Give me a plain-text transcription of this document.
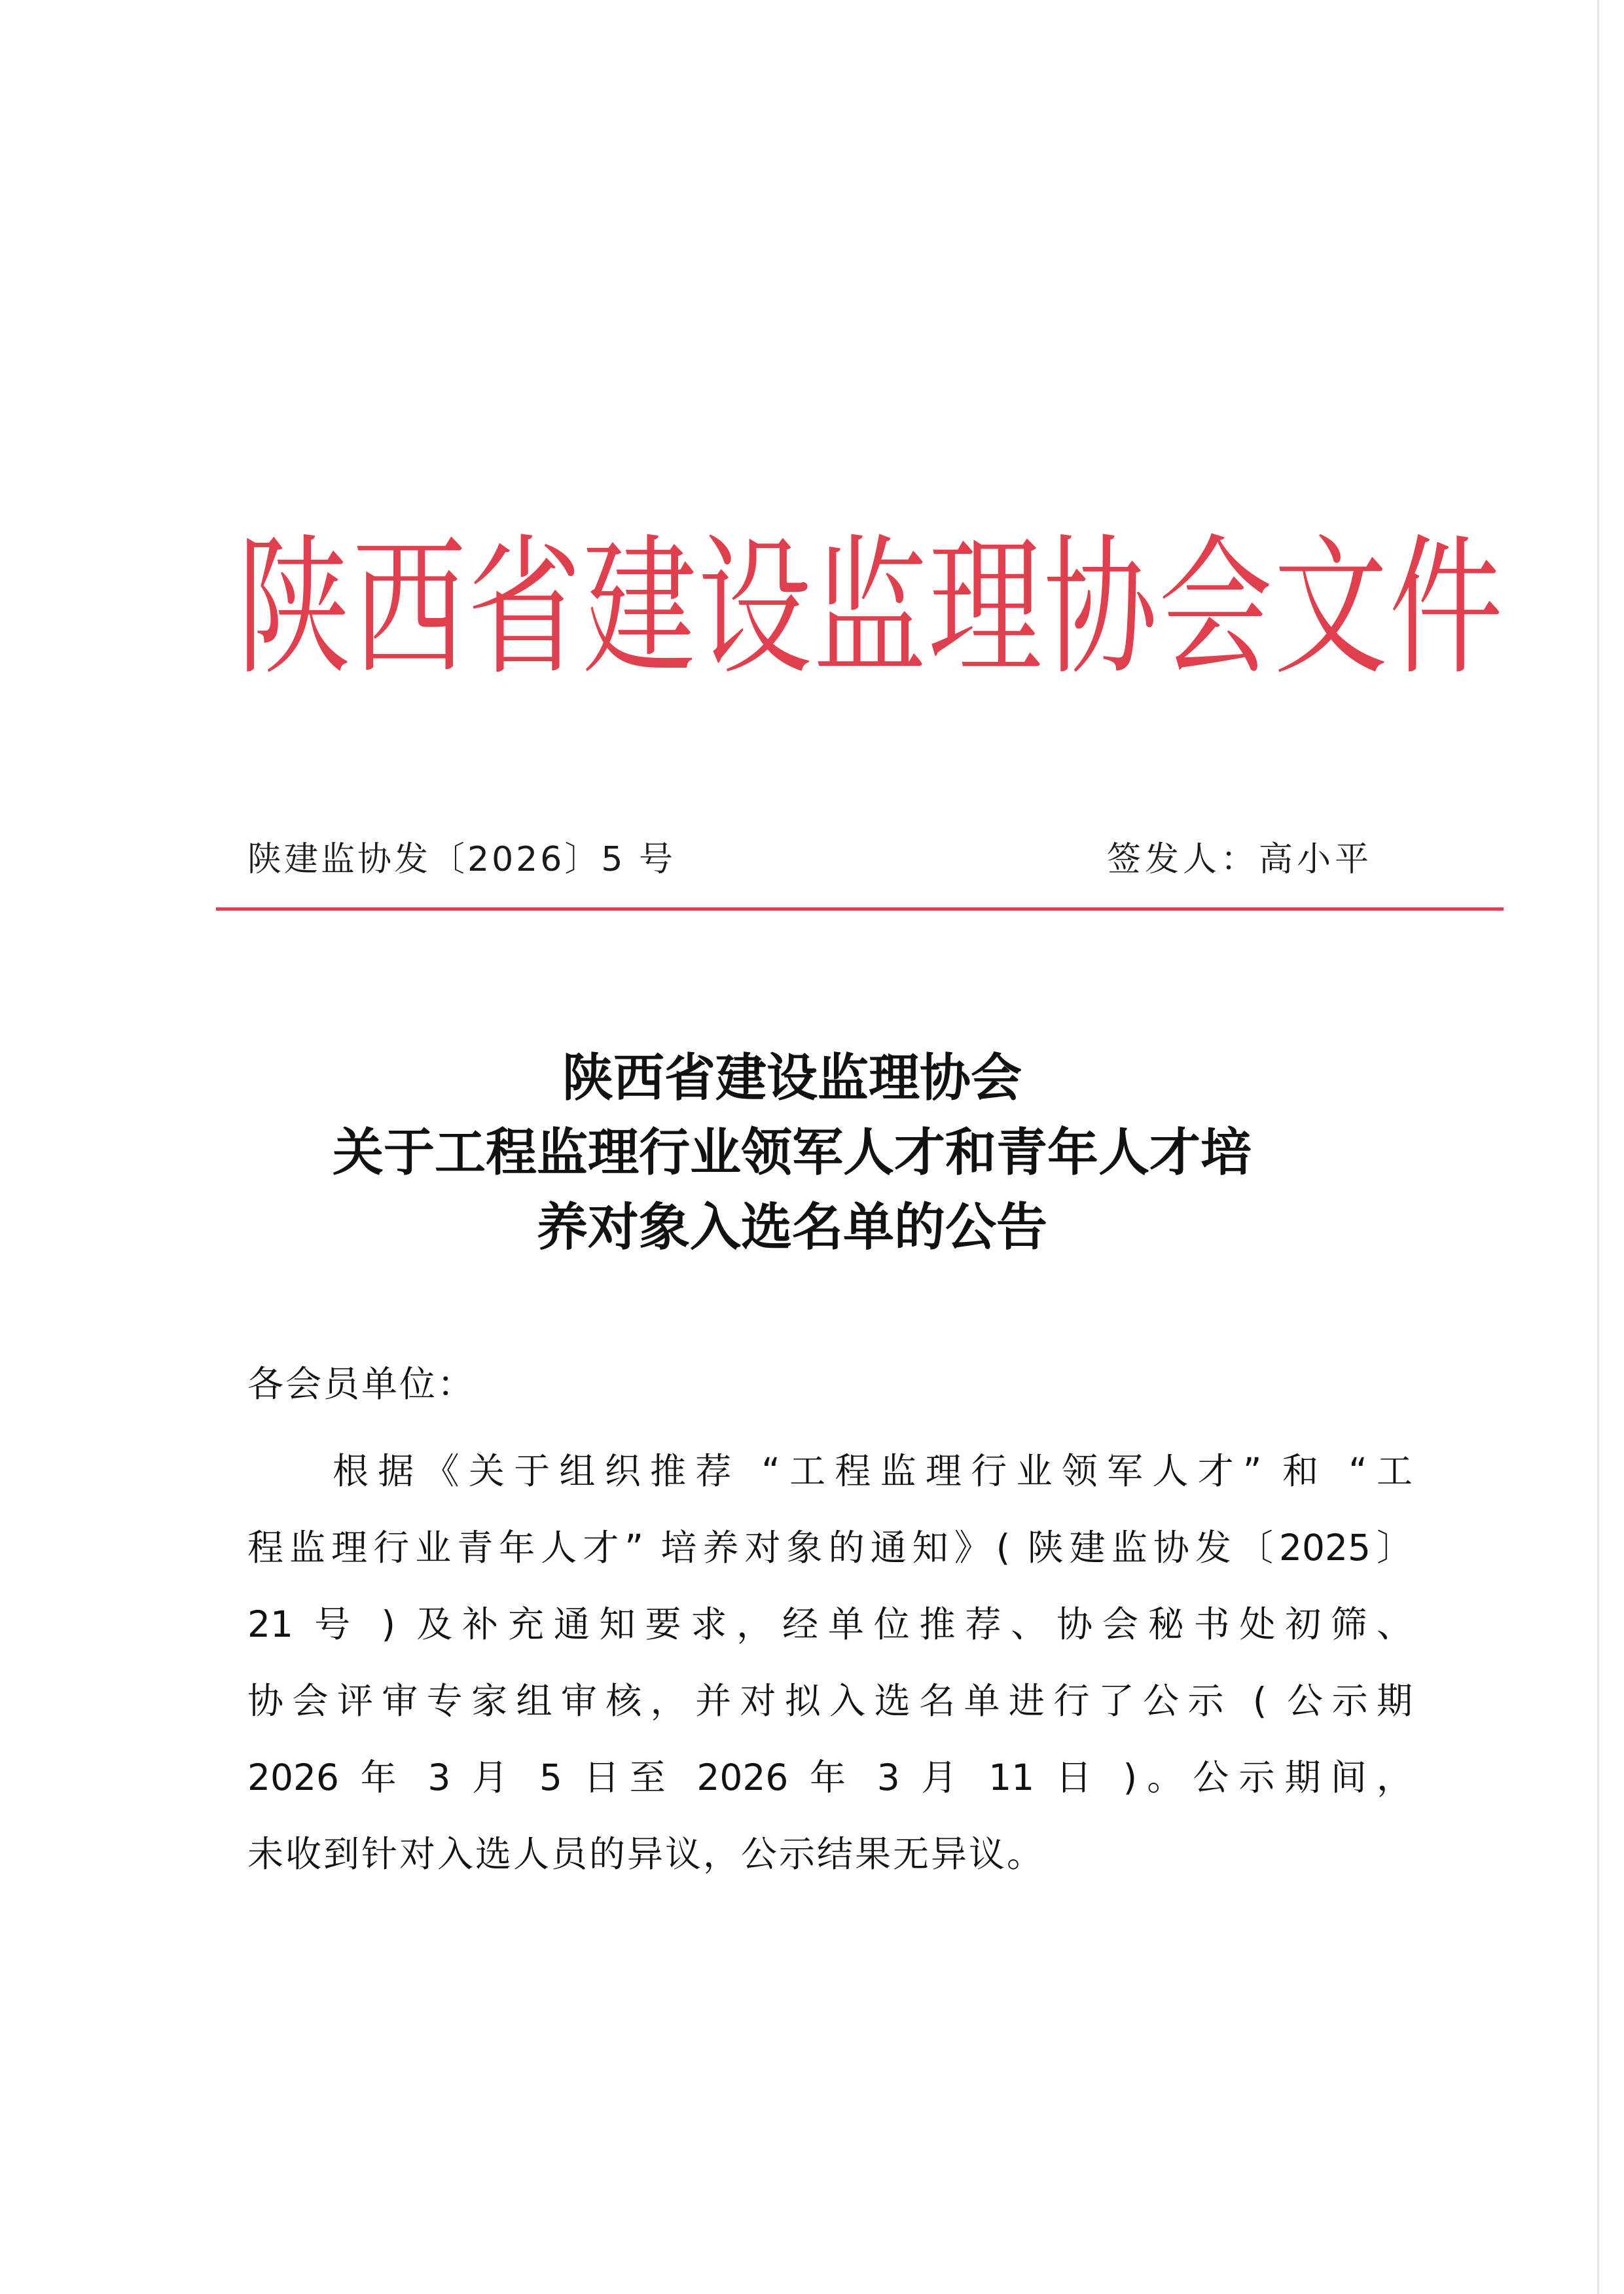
陕西省建设监理协会文件
陕建监协发〔2026〕5 号	签发人：高小平
陕西省建设监理协会
关于工程监理行业领军人才和青年人才培
养对象入选名单的公告
各会员单位：
根据《关于组织推荐 “工程监理行业领军人才” 和 “工
程监理行业青年人才” 培养对象的通知》( 陕建监协发〔2025〕
21 号 ) 及补充通知要求，经单位推荐、协会秘书处初筛、
协会评审专家组审核，并对拟入选名单进行了公示 ( 公示期
2026 年 3 月 5 日至 2026 年 3 月 11 日 )。公示期间，
未收到针对入选人员的异议，公示结果无异议。
